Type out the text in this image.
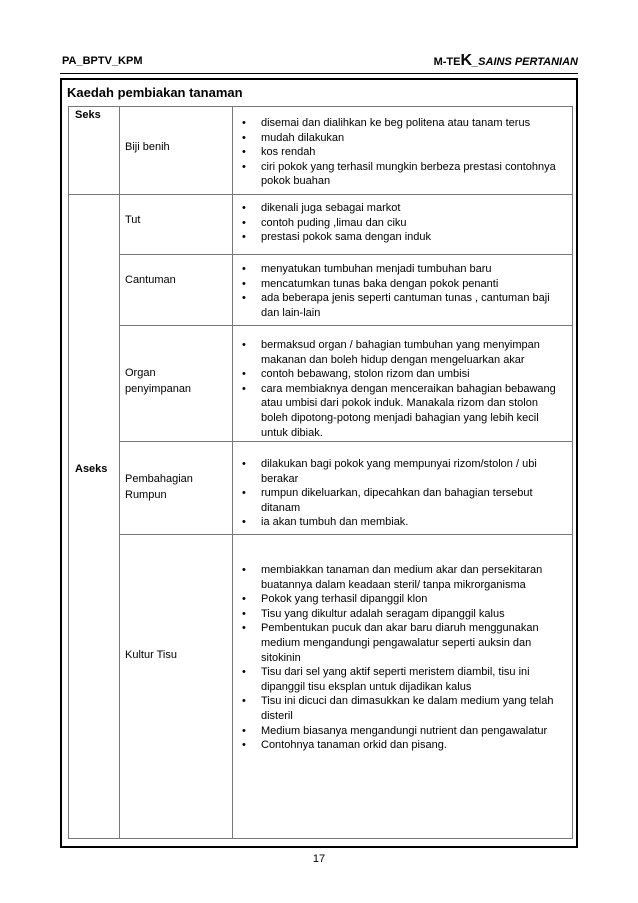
PA_BPTV_KPM	M-TEK_SAINS PERTANIAN
Kaedah pembiakan tanaman
Seks
Aseks
Biji benih
• disemai dan dialihkan ke beg politena atau tanam terus
• mudah dilakukan
• kos rendah
• ciri pokok yang terhasil mungkin berbeza prestasi contohnya pokok buahan
Tut
• dikenali juga sebagai markot
• contoh puding ,limau dan ciku
• prestasi pokok sama dengan induk
Cantuman
• menyatukan tumbuhan menjadi tumbuhan baru
• mencatumkan tunas baka dengan pokok penanti
• ada beberapa jenis seperti cantuman tunas , cantuman baji dan lain-lain
Organ penyimpanan
• bermaksud organ / bahagian tumbuhan yang menyimpan makanan dan boleh hidup dengan mengeluarkan akar
• contoh bebawang, stolon rizom dan umbisi
• cara membiaknya dengan menceraikan bahagian bebawang atau umbisi dari pokok induk. Manakala rizom dan stolon boleh dipotong-potong menjadi bahagian yang lebih kecil untuk dibiak.
Pembahagian Rumpun
• dilakukan bagi pokok yang mempunyai rizom/stolon / ubi berakar
• rumpun dikeluarkan, dipecahkan dan bahagian tersebut ditanam
• ia akan tumbuh dan membiak.
Kultur Tisu
• membiakkan tanaman dan medium akar dan persekitaran buatannya dalam keadaan steril/ tanpa mikrorganisma
• Pokok yang terhasil dipanggil klon
• Tisu yang dikultur adalah seragam dipanggil kalus
• Pembentukan pucuk dan akar baru diaruh menggunakan medium mengandungi pengawalatur seperti auksin dan sitokinin
• Tisu dari sel yang aktif seperti meristem diambil, tisu ini dipanggil tisu eksplan untuk dijadikan kalus
• Tisu ini dicuci dan dimasukkan ke dalam medium yang telah disteril
• Medium biasanya mengandungi nutrient dan pengawalatur
• Contohnya tanaman orkid dan pisang.
17
